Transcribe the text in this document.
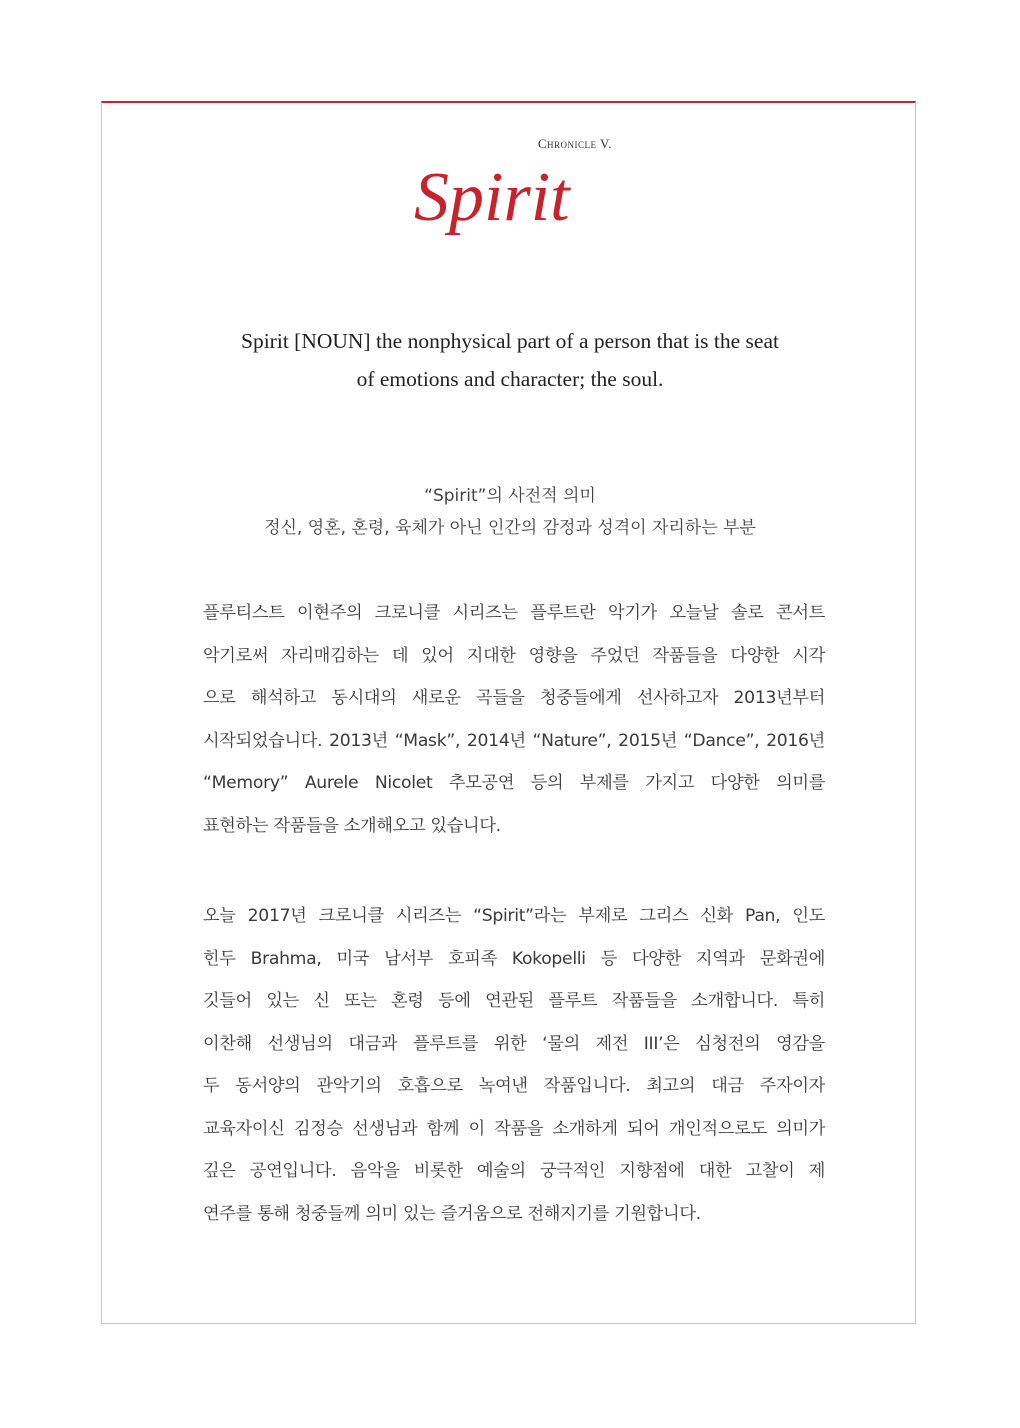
Chronicle V.
Spirit
Spirit [NOUN] the nonphysical part of a person that is the seat
of emotions and character; the soul.
“Spirit”의 사전적 의미
정신, 영혼, 혼령, 육체가 아닌 인간의 감정과 성격이 자리하는 부분
플루티스트 이현주의 크로니클 시리즈는 플루트란 악기가 오늘날 솔로 콘서트
악기로써 자리매김하는 데 있어 지대한 영향을 주었던 작품들을 다양한 시각
으로 해석하고 동시대의 새로운 곡들을 청중들에게 선사하고자 2013년부터
시작되었습니다. 2013년 “Mask”, 2014년 “Nature”, 2015년 “Dance”, 2016년
“Memory” Aurele Nicolet 추모공연 등의 부제를 가지고 다양한 의미를
표현하는 작품들을 소개해오고 있습니다.
오늘 2017년 크로니클 시리즈는 “Spirit”라는 부제로 그리스 신화 Pan, 인도
힌두 Brahma, 미국 남서부 호피족 Kokopelli 등 다양한 지역과 문화권에
깃들어 있는 신 또는 혼령 등에 연관된 플루트 작품들을 소개합니다. 특히
이찬해 선생님의 대금과 플루트를 위한 ‘물의 제전 III’은 심청전의 영감을
두 동서양의 관악기의 호흡으로 녹여낸 작품입니다. 최고의 대금 주자이자
교육자이신 김정승 선생님과 함께 이 작품을 소개하게 되어 개인적으로도 의미가
깊은 공연입니다. 음악을 비롯한 예술의 궁극적인 지향점에 대한 고찰이 제
연주를 통해 청중들께 의미 있는 즐거움으로 전해지기를 기원합니다.
